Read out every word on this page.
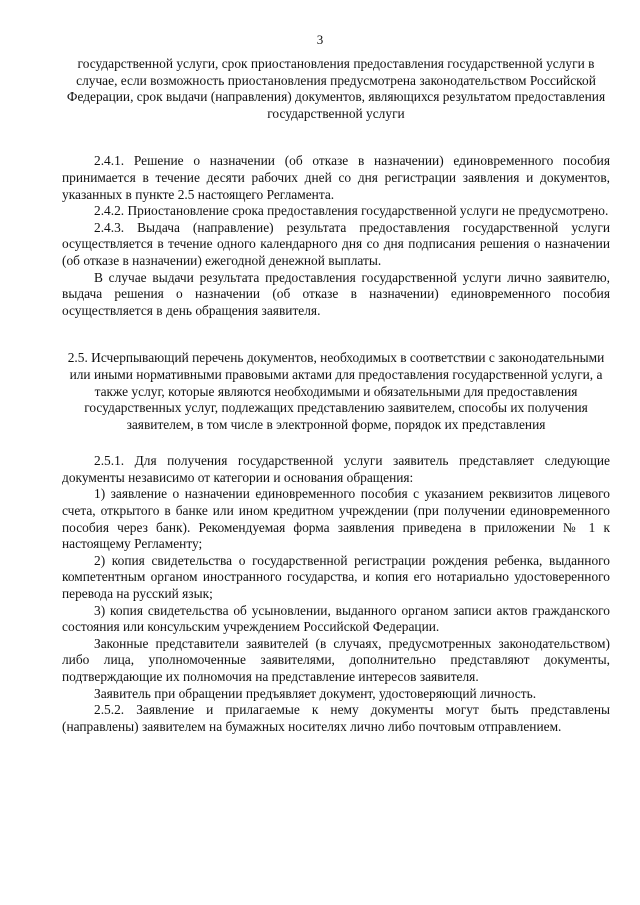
3

государственной услуги, срок приостановления предоставления государственной услуги в случае, если возможность приостановления предусмотрена законодательством Российской Федерации, срок выдачи (направления) документов, являющихся результатом предоставления государственной услуги

2.4.1. Решение о назначении (об отказе в назначении) единовременного пособия принимается в течение десяти рабочих дней со дня регистрации заявления и документов, указанных в пункте 2.5 настоящего Регламента.

2.4.2. Приостановление срока предоставления государственной услуги не предусмотрено.

2.4.3. Выдача (направление) результата предоставления государственной услуги осуществляется в течение одного календарного дня со дня подписания решения о назначении (об отказе в назначении) ежегодной денежной выплаты.

В случае выдачи результата предоставления государственной услуги лично заявителю, выдача решения о назначении (об отказе в назначении) единовременного пособия осуществляется в день обращения заявителя.

2.5. Исчерпывающий перечень документов, необходимых в соответствии с законодательными или иными нормативными правовыми актами для предоставления государственной услуги, а также услуг, которые являются необходимыми и обязательными для предоставления государственных услуг, подлежащих представлению заявителем, способы их получения заявителем, в том числе в электронной форме, порядок их представления

2.5.1. Для получения государственной услуги заявитель представляет следующие документы независимо от категории и основания обращения:

1) заявление о назначении единовременного пособия с указанием реквизитов лицевого счета, открытого в банке или ином кредитном учреждении (при получении единовременного пособия через банк). Рекомендуемая форма заявления приведена в приложении № 1 к настоящему Регламенту;

2) копия свидетельства о государственной регистрации рождения ребенка, выданного компетентным органом иностранного государства, и копия его нотариально удостоверенного перевода на русский язык;

3) копия свидетельства об усыновлении, выданного органом записи актов гражданского состояния или консульским учреждением Российской Федерации.

Законные представители заявителей (в случаях, предусмотренных законодательством) либо лица, уполномоченные заявителями, дополнительно представляют документы, подтверждающие их полномочия на представление интересов заявителя.

Заявитель при обращении предъявляет документ, удостоверяющий личность.

2.5.2. Заявление и прилагаемые к нему документы могут быть представлены (направлены) заявителем на бумажных носителях лично либо почтовым отправлением.
